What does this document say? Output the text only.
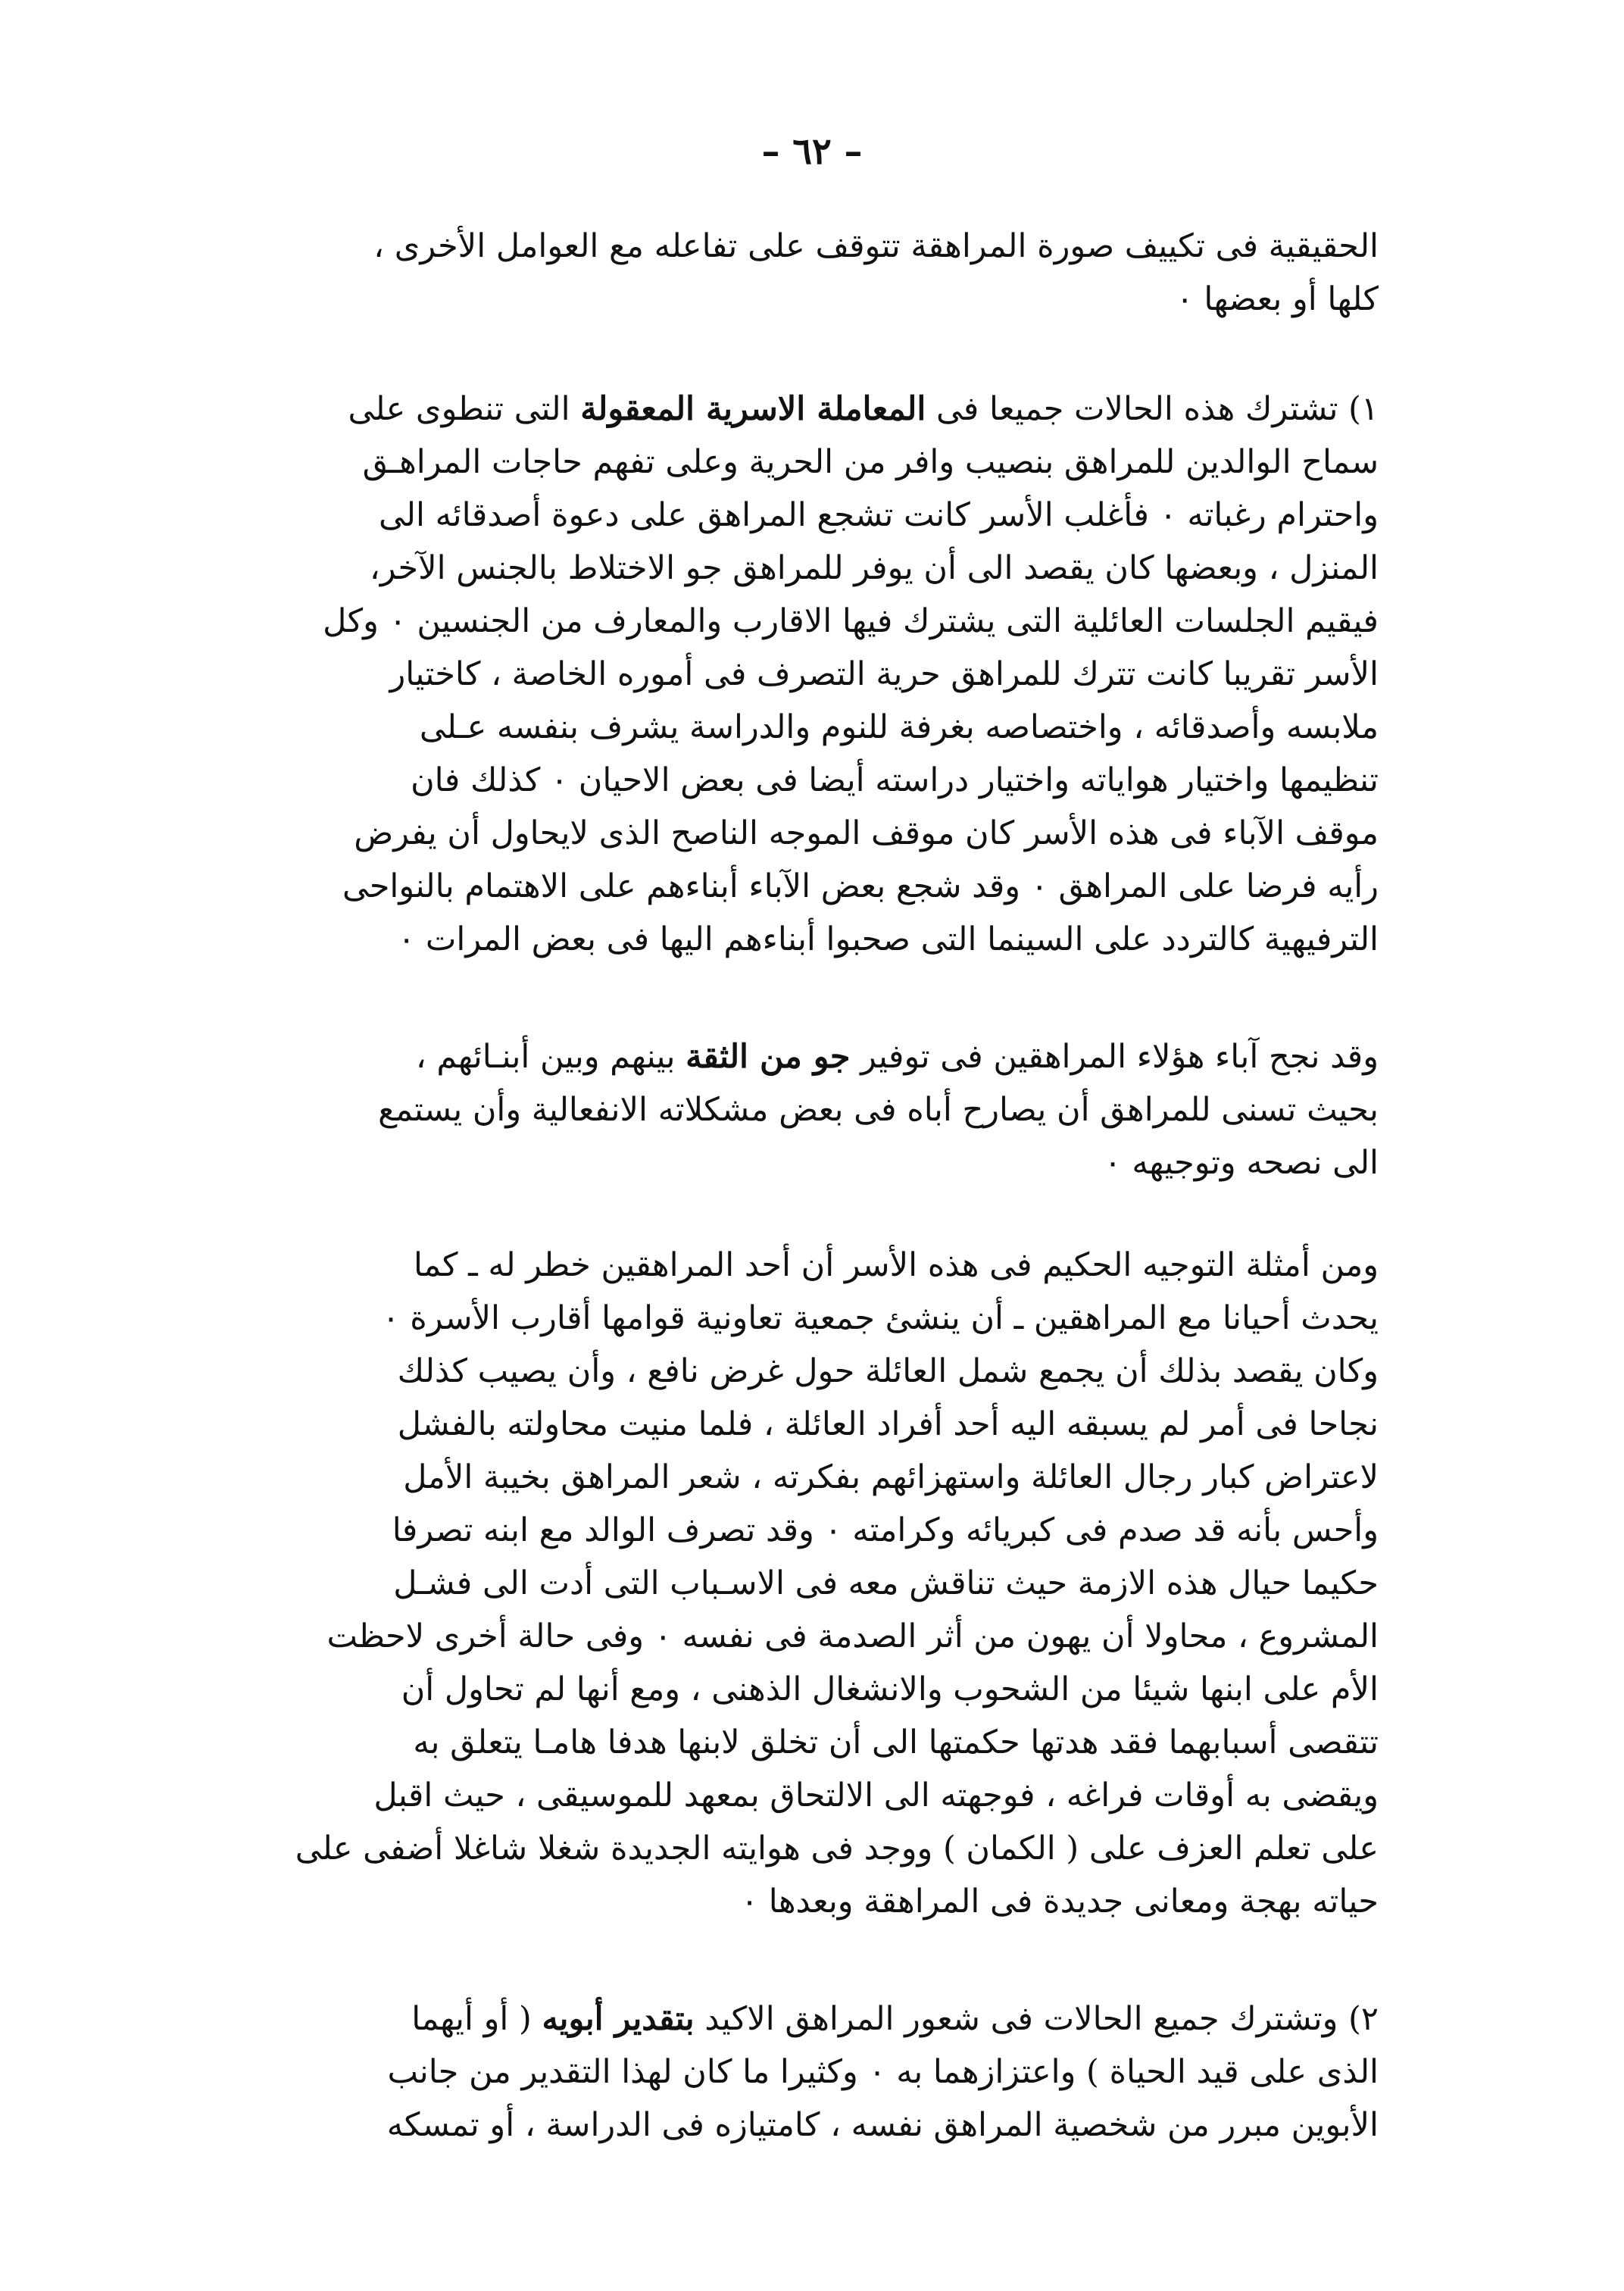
– ٦٢ –
الحقيقية فى تكييف صورة المراهقة تتوقف على تفاعله مع العوامل الأخرى ،
كلها أو بعضها ٠
١) تشترك هذه الحالات جميعا فى المعاملة الاسرية المعقولة التى تنطوى على
سماح الوالدين للمراهق بنصيب وافر من الحرية وعلى تفهم حاجات المراهـق
واحترام رغباته ٠ فأغلب الأسر كانت تشجع المراهق على دعوة أصدقائه الى
المنزل ، وبعضها كان يقصد الى أن يوفر للمراهق جو الاختلاط بالجنس الآخر،
فيقيم الجلسات العائلية التى يشترك فيها الاقارب والمعارف من الجنسين ٠ وكل
الأسر تقريبا كانت تترك للمراهق حرية التصرف فى أموره الخاصة ، كاختيار
ملابسه وأصدقائه ، واختصاصه بغرفة للنوم والدراسة يشرف بنفسه عـلى
تنظيمها واختيار هواياته واختيار دراسته أيضا فى بعض الاحيان ٠ كذلك فان
موقف الآباء فى هذه الأسر كان موقف الموجه الناصح الذى لايحاول أن يفرض
رأيه فرضا على المراهق ٠ وقد شجع بعض الآباء أبناءهم على الاهتمام بالنواحى
الترفيهية كالتردد على السينما التى صحبوا أبناءهم اليها فى بعض المرات ٠
وقد نجح آباء هؤلاء المراهقين فى توفير جو من الثقة بينهم وبين أبنـائهم ،
بحيث تسنى للمراهق أن يصارح أباه فى بعض مشكلاته الانفعالية وأن يستمع
الى نصحه وتوجيهه ٠
ومن أمثلة التوجيه الحكيم فى هذه الأسر أن أحد المراهقين خطر له ـ كما
يحدث أحيانا مع المراهقين ـ أن ينشئ جمعية تعاونية قوامها أقارب الأسرة ٠
وكان يقصد بذلك أن يجمع شمل العائلة حول غرض نافع ، وأن يصيب كذلك
نجاحا فى أمر لم يسبقه اليه أحد أفراد العائلة ، فلما منيت محاولته بالفشل
لاعتراض كبار رجال العائلة واستهزائهم بفكرته ، شعر المراهق بخيبة الأمل
وأحس بأنه قد صدم فى كبريائه وكرامته ٠ وقد تصرف الوالد مع ابنه تصرفا
حكيما حيال هذه الازمة حيث تناقش معه فى الاسـباب التى أدت الى فشـل
المشروع ، محاولا أن يهون من أثر الصدمة فى نفسه ٠ وفى حالة أخرى لاحظت
الأم على ابنها شيئا من الشحوب والانشغال الذهنى ، ومع أنها لم تحاول أن
تتقصى أسبابهما فقد هدتها حكمتها الى أن تخلق لابنها هدفا هامـا يتعلق به
ويقضى به أوقات فراغه ، فوجهته الى الالتحاق بمعهد للموسيقى ، حيث اقبل
على تعلم العزف على ( الكمان ) ووجد فى هوايته الجديدة شغلا شاغلا أضفى على
حياته بهجة ومعانى جديدة فى المراهقة وبعدها ٠
٢) وتشترك جميع الحالات فى شعور المراهق الاكيد بتقدير أبويه ( أو أيهما
الذى على قيد الحياة ) واعتزازهما به ٠ وكثيرا ما كان لهذا التقدير من جانب
الأبوين مبرر من شخصية المراهق نفسه ، كامتيازه فى الدراسة ، أو تمسكه
